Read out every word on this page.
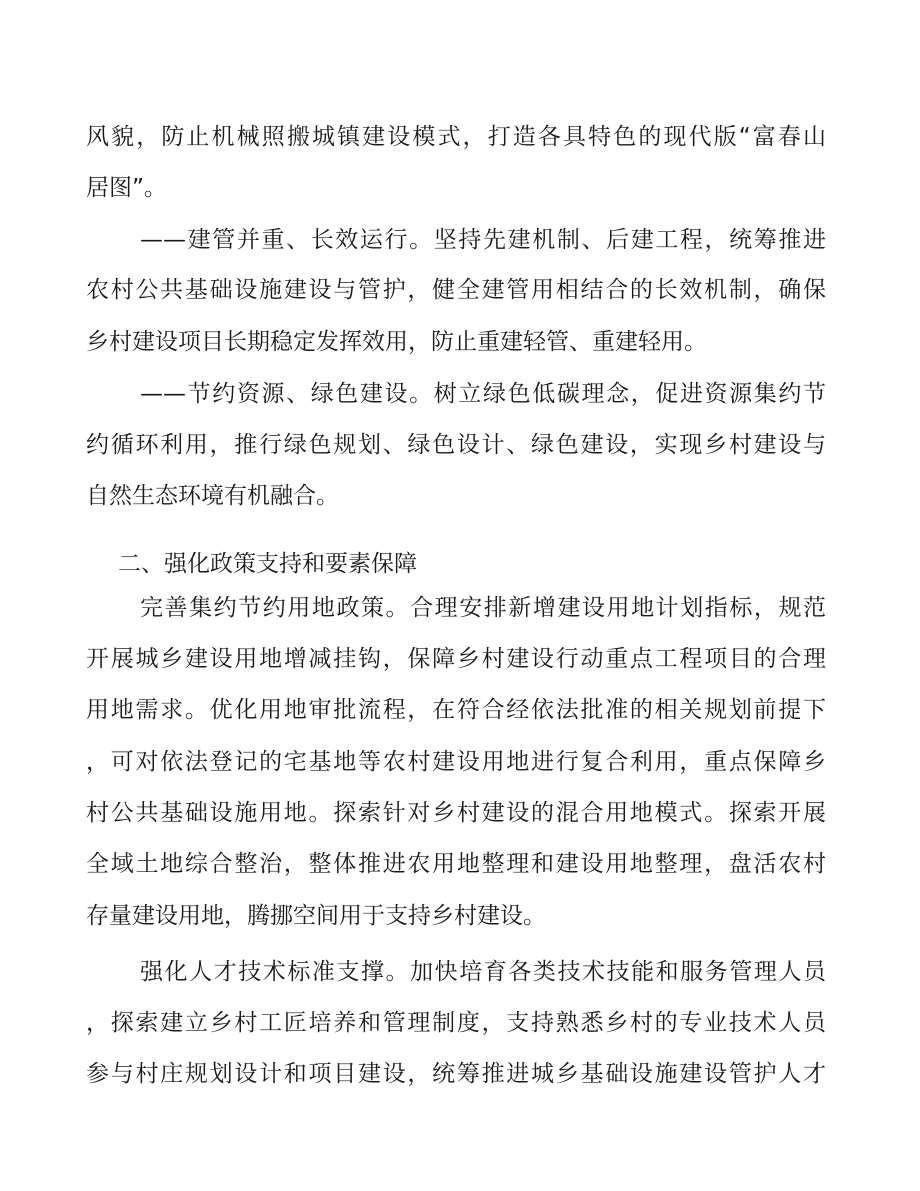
风貌，防止机械照搬城镇建设模式，打造各具特色的现代版“富春山
居图”。
——建管并重、长效运行。坚持先建机制、后建工程，统筹推进
农村公共基础设施建设与管护，健全建管用相结合的长效机制，确保
乡村建设项目长期稳定发挥效用，防止重建轻管、重建轻用。
——节约资源、绿色建设。树立绿色低碳理念，促进资源集约节
约循环利用，推行绿色规划、绿色设计、绿色建设，实现乡村建设与
自然生态环境有机融合。
二、强化政策支持和要素保障
完善集约节约用地政策。合理安排新增建设用地计划指标，规范
开展城乡建设用地增减挂钩，保障乡村建设行动重点工程项目的合理
用地需求。优化用地审批流程，在符合经依法批准的相关规划前提下
，可对依法登记的宅基地等农村建设用地进行复合利用，重点保障乡
村公共基础设施用地。探索针对乡村建设的混合用地模式。探索开展
全域土地综合整治，整体推进农用地整理和建设用地整理，盘活农村
存量建设用地，腾挪空间用于支持乡村建设。
强化人才技术标准支撑。加快培育各类技术技能和服务管理人员
，探索建立乡村工匠培养和管理制度，支持熟悉乡村的专业技术人员
参与村庄规划设计和项目建设，统筹推进城乡基础设施建设管护人才
